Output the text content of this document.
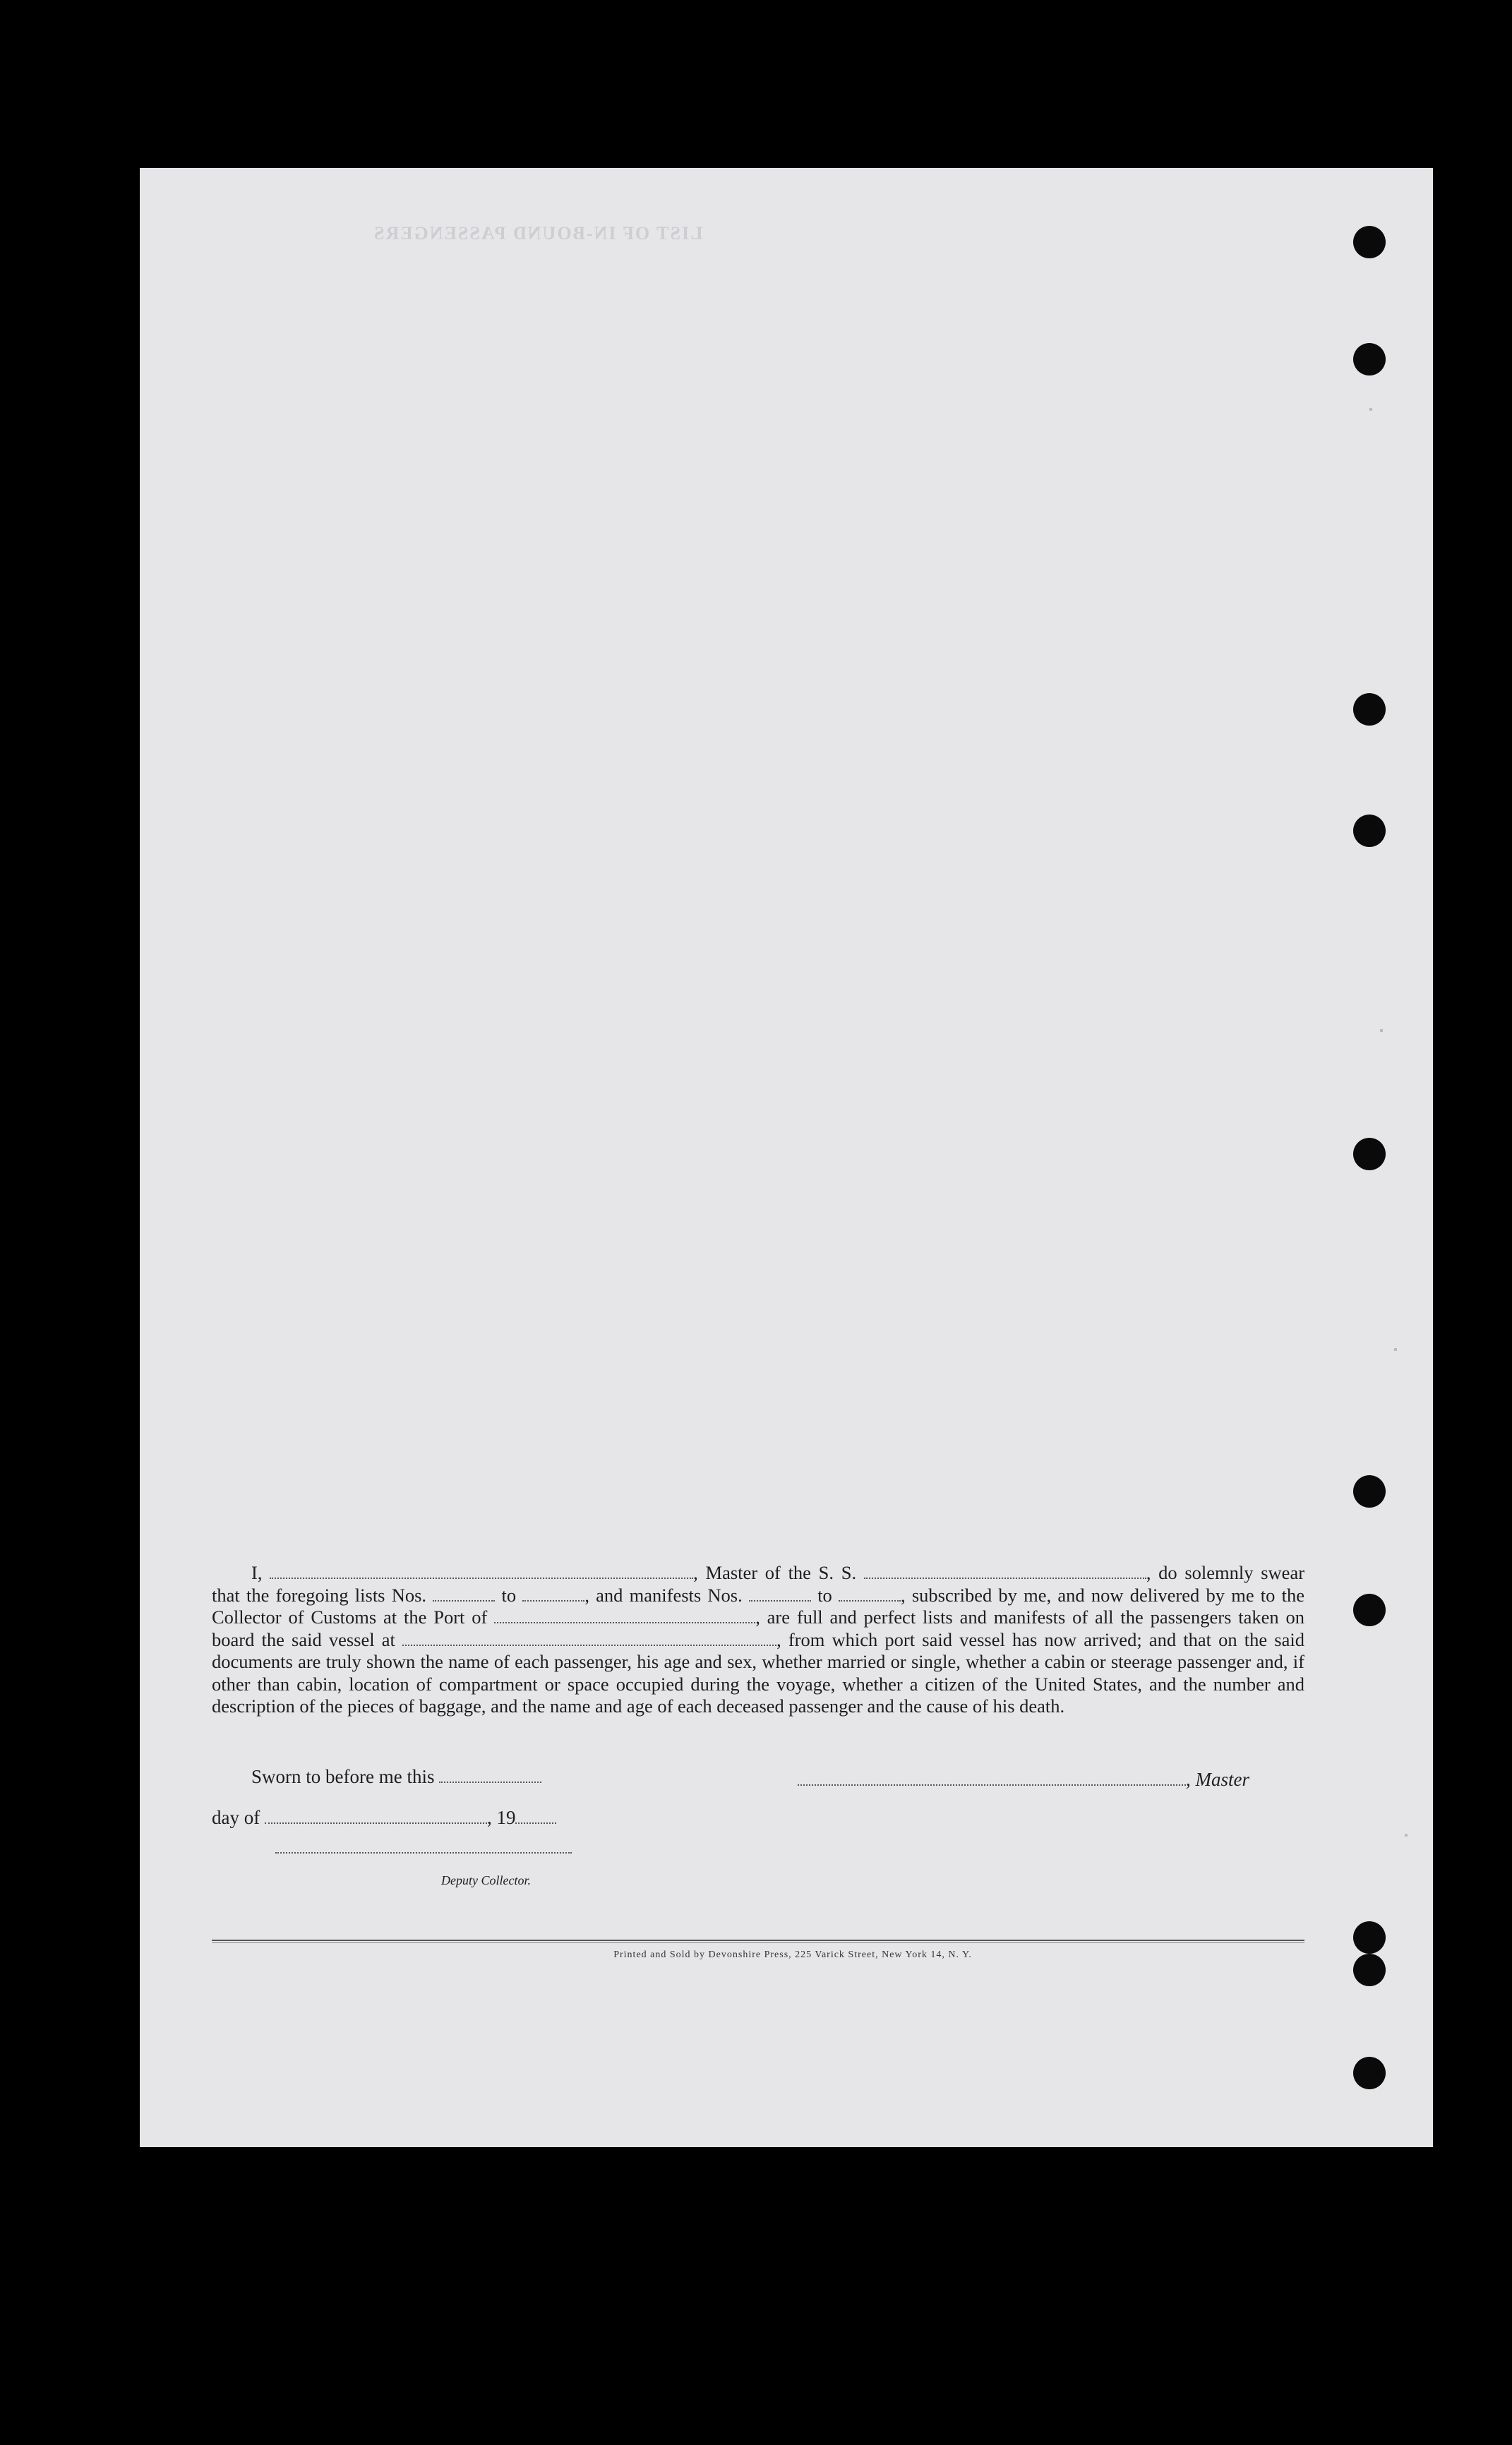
LIST OF IN-BOUND PASSENGERS
I,	, Master of the S. S.	, do solemnly swear that the foregoing lists Nos.	to	, and manifests Nos.	to	, subscribed by me, and now delivered by me to the Collector of Customs at the Port of	, are full and perfect lists and manifests of all the passengers taken on board the said vessel at	, from which port said vessel has now arrived; and that on the said documents are truly shown the name of each passenger, his age and sex, whether married or single, whether a cabin or steerage passenger and, if other than cabin, location of compartment or space occupied during the voyage, whether a citizen of the United States, and the number and description of the pieces of baggage, and the name and age of each deceased passenger and the cause of his death.
Sworn to before me this	, Master
day of	, 19
Deputy Collector.
Printed and Sold by Devonshire Press, 225 Varick Street, New York 14, N. Y.
